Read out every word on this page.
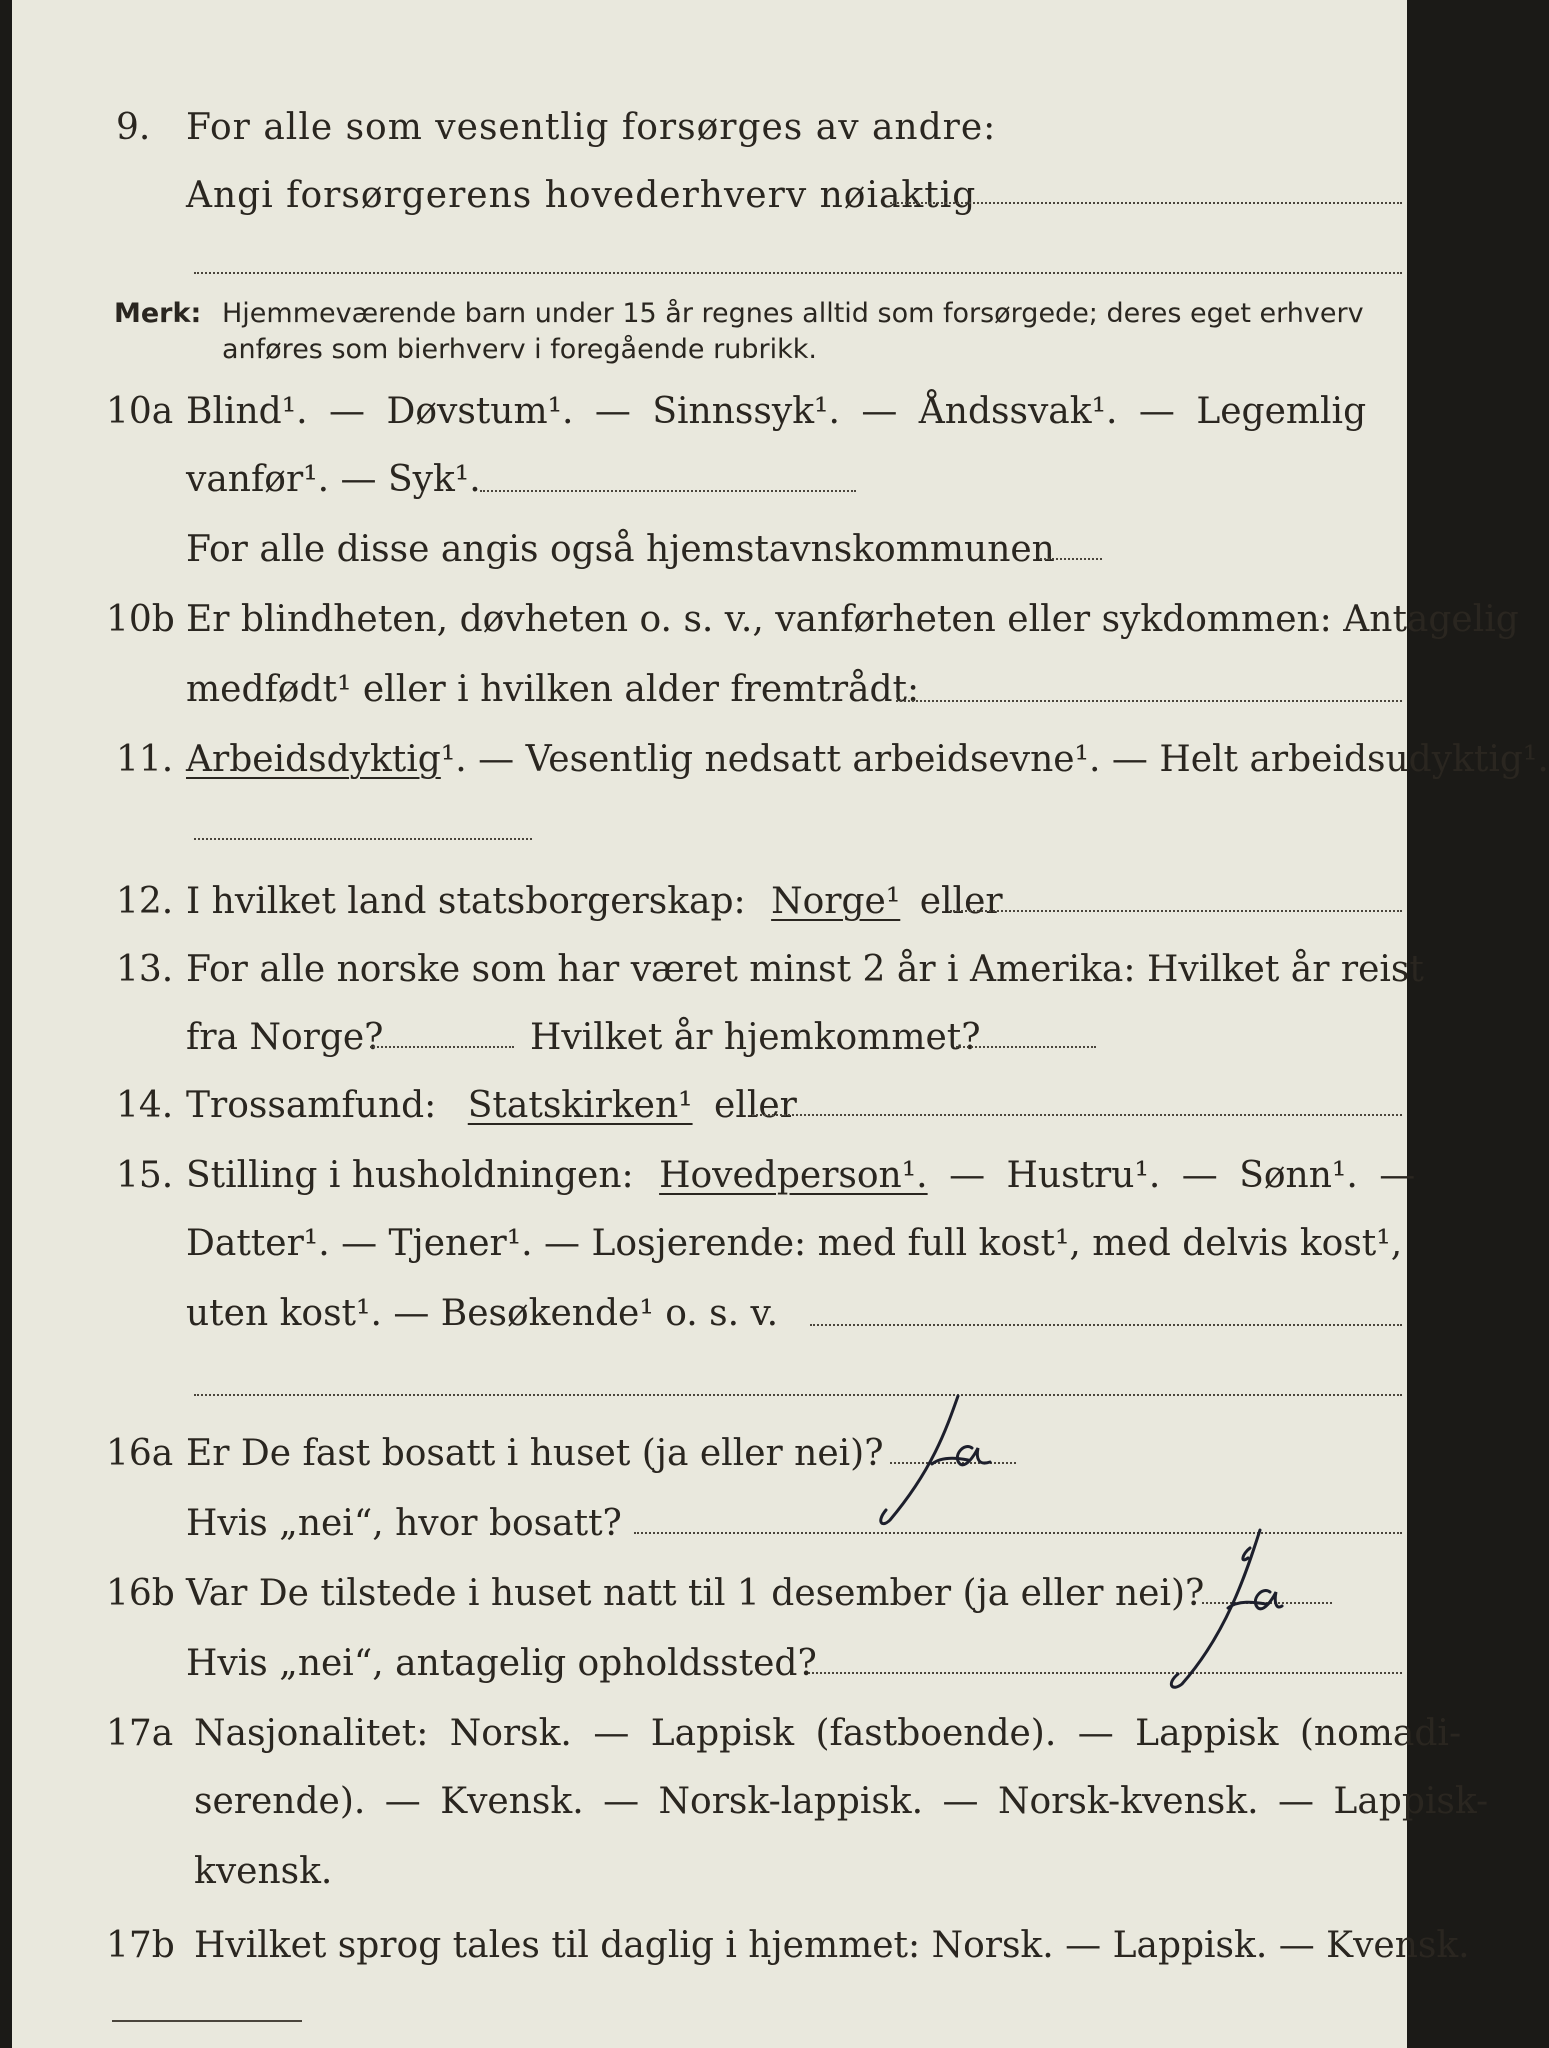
9. For alle som vesentlig forsørges av andre:
Angi forsørgerens hovederhverv nøiaktig
Merk: Hjemmeværende barn under 15 år regnes alltid som forsørgede; deres eget erhverv
anføres som bierhverv i foregående rubrikk.
10a Blind¹. — Døvstum¹. — Sinnssyk¹. — Åndssvak¹. — Legemlig
vanfør¹. — Syk¹.
For alle disse angis også hjemstavnskommunen
10b Er blindheten, døvheten o. s. v., vanførheten eller sykdommen: Antagelig
medfødt¹ eller i hvilken alder fremtrådt:
11. Arbeidsdyktig¹. — Vesentlig nedsatt arbeidsevne¹. — Helt arbeidsudyktig¹.
12. I hvilket land statsborgerskap: Norge¹ eller
13. For alle norske som har været minst 2 år i Amerika: Hvilket år reist
fra Norge?	Hvilket år hjemkommet?
14. Trossamfund: Statskirken¹ eller
15. Stilling i husholdningen: Hovedperson¹. — Hustru¹. — Sønn¹. —
Datter¹. — Tjener¹. — Losjerende: med full kost¹, med delvis kost¹,
uten kost¹. — Besøkende¹ o. s. v.
16a Er De fast bosatt i huset (ja eller nei)?
Hvis „nei“, hvor bosatt?
16b Var De tilstede i huset natt til 1 desember (ja eller nei)?
Hvis „nei“, antagelig opholdssted?
17a Nasjonalitet: Norsk. — Lappisk (fastboende). — Lappisk (nomadi-
serende). — Kvensk. — Norsk-lappisk. — Norsk-kvensk. — Lappisk-
kvensk.
17b Hvilket sprog tales til daglig i hjemmet: Norsk. — Lappisk. — Kvensk.
